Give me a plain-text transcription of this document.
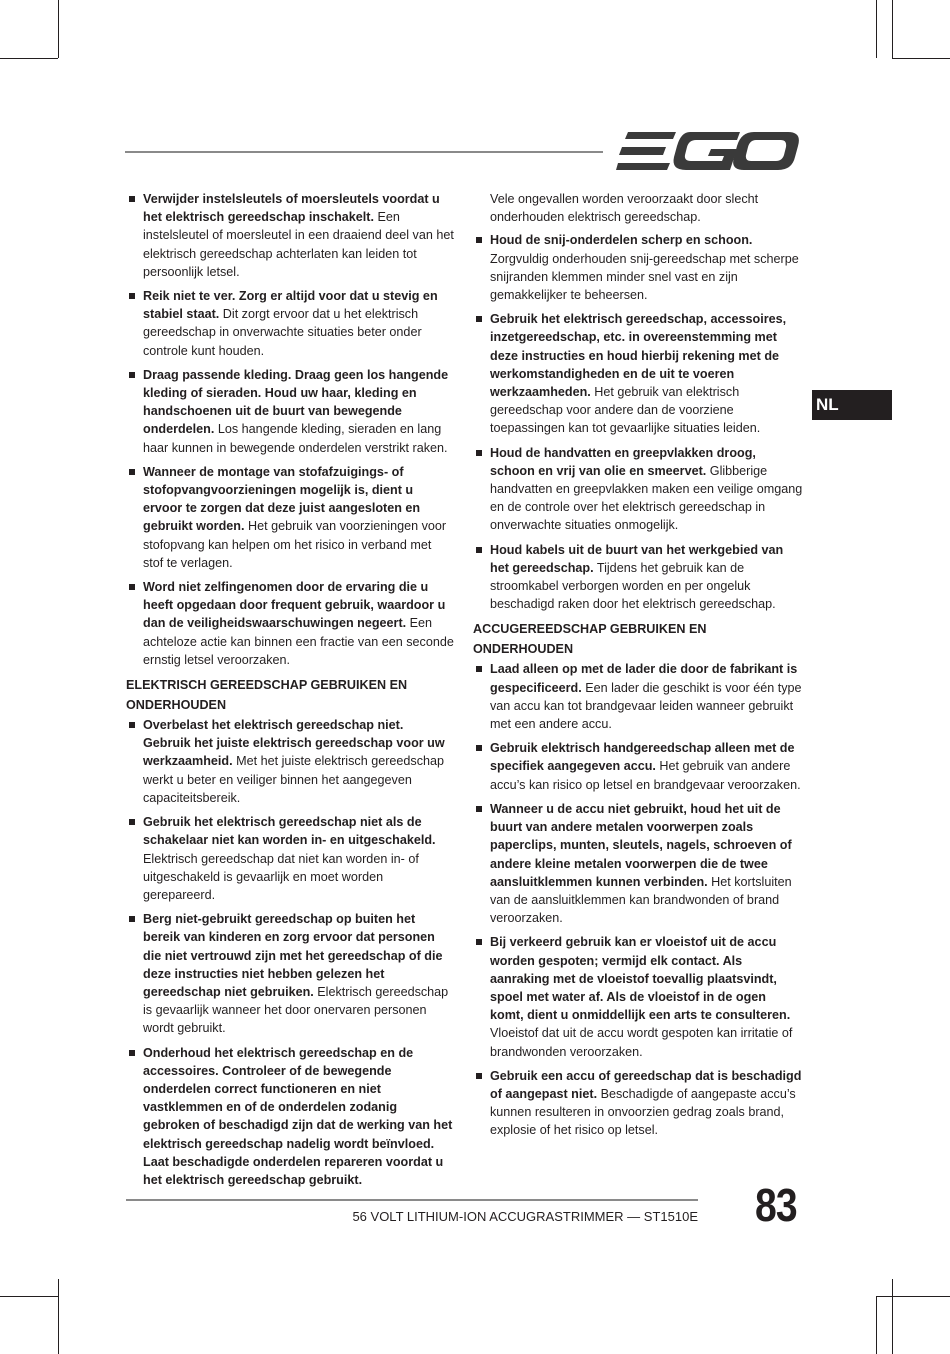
Verwijder instelsleutels of moersleutels voordat u het elektrisch gereedschap inschakelt. Een instelsleutel of moersleutel in een draaiend deel van het elektrisch gereedschap achterlaten kan leiden tot persoonlijk letsel.
Reik niet te ver. Zorg er altijd voor dat u stevig en stabiel staat. Dit zorgt ervoor dat u het elektrisch gereedschap in onverwachte situaties beter onder controle kunt houden.
Draag passende kleding. Draag geen los hangende kleding of sieraden. Houd uw haar, kleding en handschoenen uit de buurt van bewegende onderdelen. Los hangende kleding, sieraden en lang haar kunnen in bewegende onderdelen verstrikt raken.
Wanneer de montage van stofafzuigings- of stofopvangvoorzieningen mogelijk is, dient u ervoor te zorgen dat deze juist aangesloten en gebruikt worden. Het gebruik van voorzieningen voor stofopvang kan helpen om het risico in verband met stof te verlagen.
Word niet zelfingenomen door de ervaring die u heeft opgedaan door frequent gebruik, waardoor u dan de veiligheidswaarschuwingen negeert. Een achteloze actie kan binnen een fractie van een seconde ernstig letsel veroorzaken.
ELEKTRISCH GEREEDSCHAP GEBRUIKEN EN ONDERHOUDEN
Overbelast het elektrisch gereedschap niet. Gebruik het juiste elektrisch gereedschap voor uw werkzaamheid. Met het juiste elektrisch gereedschap werkt u beter en veiliger binnen het aangegeven capaciteitsbereik.
Gebruik het elektrisch gereedschap niet als de schakelaar niet kan worden in- en uitgeschakeld. Elektrisch gereedschap dat niet kan worden in- of uitgeschakeld is gevaarlijk en moet worden gerepareerd.
Berg niet-gebruikt gereedschap op buiten het bereik van kinderen en zorg ervoor dat personen die niet vertrouwd zijn met het gereedschap of die deze instructies niet hebben gelezen het gereedschap niet gebruiken. Elektrisch gereedschap is gevaarlijk wanneer het door onervaren personen wordt gebruikt.
Onderhoud het elektrisch gereedschap en de accessoires. Controleer of de bewegende onderdelen correct functioneren en niet vastklemmen en of de onderdelen zodanig gebroken of beschadigd zijn dat de werking van het elektrisch gereedschap nadelig wordt beïnvloed. Laat beschadigde onderdelen repareren voordat u het elektrisch gereedschap gebruikt.
Vele ongevallen worden veroorzaakt door slecht onderhouden elektrisch gereedschap.
Houd de snij-onderdelen scherp en schoon. Zorgvuldig onderhouden snij-gereedschap met scherpe snijranden klemmen minder snel vast en zijn gemakkelijker te beheersen.
Gebruik het elektrisch gereedschap, accessoires, inzetgereedschap, etc. in overeenstemming met deze instructies en houd hierbij rekening met de werkomstandigheden en de uit te voeren werkzaamheden. Het gebruik van elektrisch gereedschap voor andere dan de voorziene toepassingen kan tot gevaarlijke situaties leiden.
Houd de handvatten en greepvlakken droog, schoon en vrij van olie en smeervet. Glibberige handvatten en greepvlakken maken een veilige omgang en de controle over het elektrisch gereedschap in onverwachte situaties onmogelijk.
Houd kabels uit de buurt van het werkgebied van het gereedschap. Tijdens het gebruik kan de stroomkabel verborgen worden en per ongeluk beschadigd raken door het elektrisch gereedschap.
ACCUGEREEDSCHAP GEBRUIKEN EN ONDERHOUDEN
Laad alleen op met de lader die door de fabrikant is gespecificeerd. Een lader die geschikt is voor één type van accu kan tot brandgevaar leiden wanneer gebruikt met een andere accu.
Gebruik elektrisch handgereedschap alleen met de specifiek aangegeven accu. Het gebruik van andere accu’s kan risico op letsel en brandgevaar veroorzaken.
Wanneer u de accu niet gebruikt, houd het uit de buurt van andere metalen voorwerpen zoals paperclips, munten, sleutels, nagels, schroeven of andere kleine metalen voorwerpen die de twee aansluitklemmen kunnen verbinden. Het kortsluiten van de aansluitklemmen kan brandwonden of brand veroorzaken.
Bij verkeerd gebruik kan er vloeistof uit de accu worden gespoten; vermijd elk contact. Als aanraking met de vloeistof toevallig plaatsvindt, spoel met water af. Als de vloeistof in de ogen komt, dient u onmiddellijk een arts te consulteren. Vloeistof dat uit de accu wordt gespoten kan irritatie of brandwonden veroorzaken.
Gebruik een accu of gereedschap dat is beschadigd of aangepast niet. Beschadigde of aangepaste accu’s kunnen resulteren in onvoorzien gedrag zoals brand, explosie of het risico op letsel.
NL
56 VOLT LITHIUM-ION ACCUGRASTRIMMER — ST1510E 83
